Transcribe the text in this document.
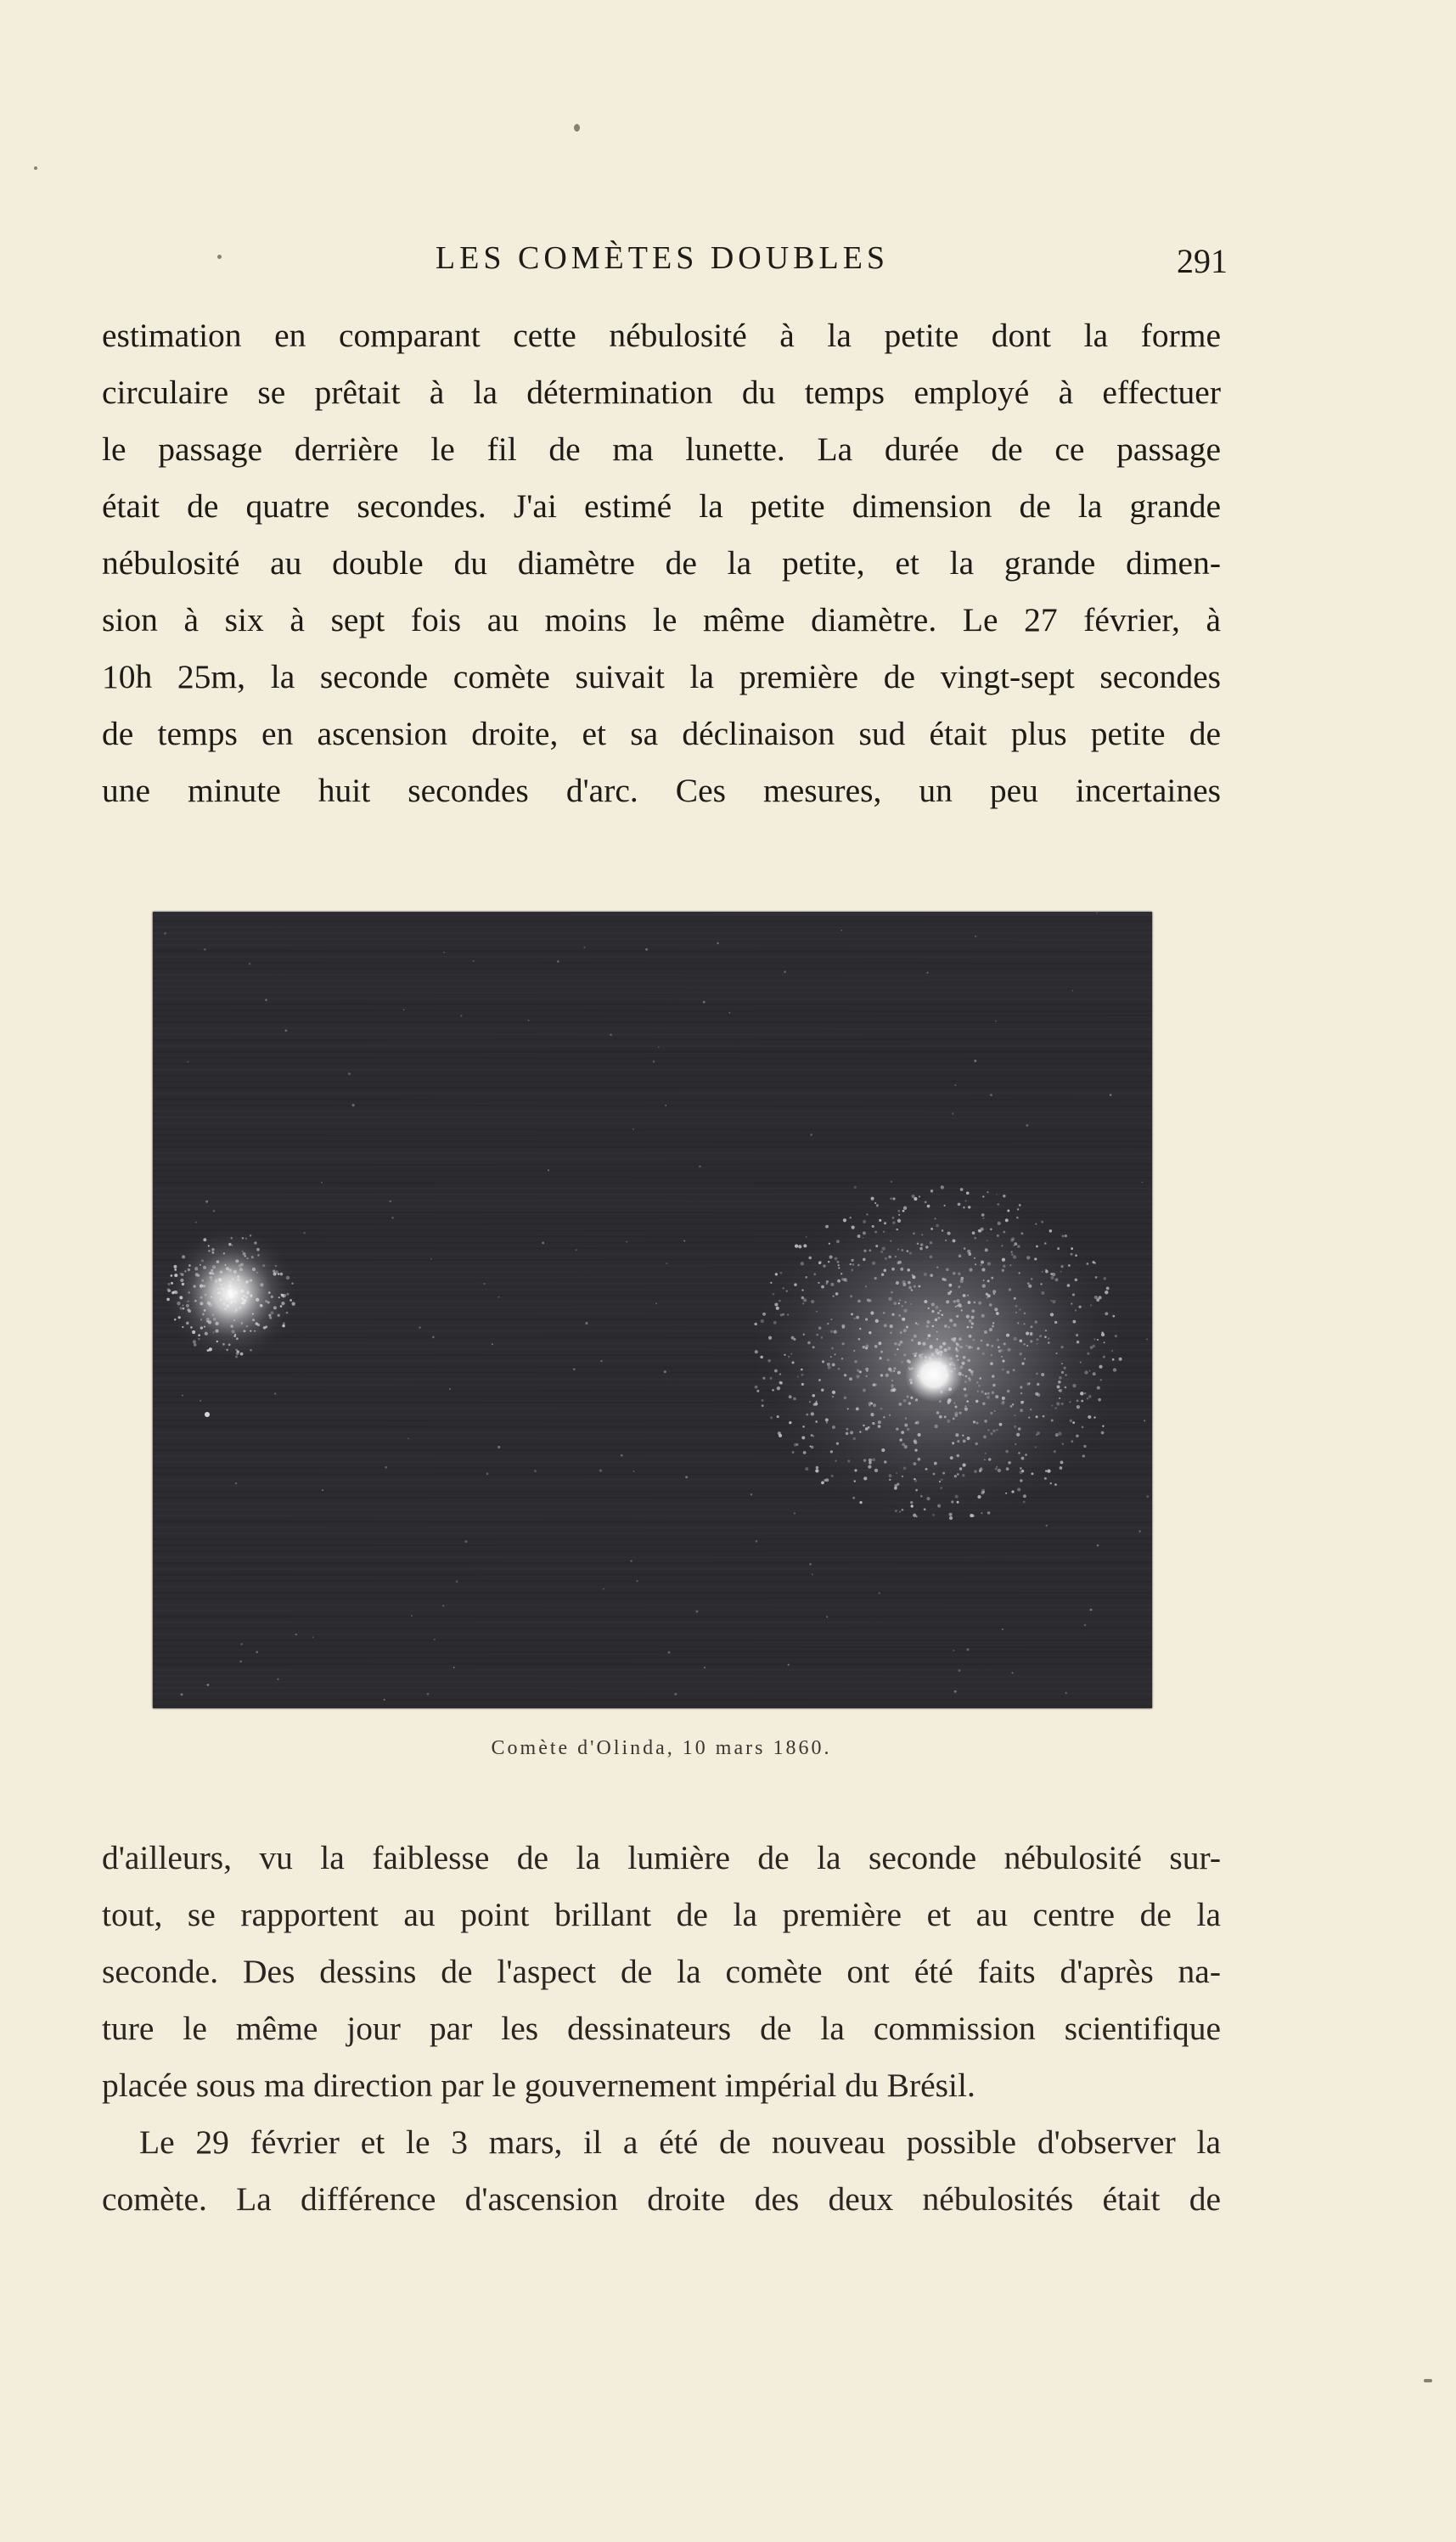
LES COMÈTES DOUBLES	291

estimation en comparant cette nébulosité à la petite dont la forme

circulaire se prêtait à la détermination du temps employé à effectuer

le passage derrière le fil de ma lunette. La durée de ce passage

était de quatre secondes. J'ai estimé la petite dimension de la grande

nébulosité au double du diamètre de la petite, et la grande dimen-

sion à six à sept fois au moins le même diamètre. Le 27 février, à

10h 25m, la seconde comète suivait la première de vingt-sept secondes

de temps en ascension droite, et sa déclinaison sud était plus petite de

une minute huit secondes d'arc. Ces mesures, un peu incertaines

Comète d'Olinda, 10 mars 1860.

d'ailleurs, vu la faiblesse de la lumière de la seconde nébulosité sur-

tout, se rapportent au point brillant de la première et au centre de la

seconde. Des dessins de l'aspect de la comète ont été faits d'après na-

ture le même jour par les dessinateurs de la commission scientifique

placée sous ma direction par le gouvernement impérial du Brésil.

Le 29 février et le 3 mars, il a été de nouveau possible d'observer la

comète. La différence d'ascension droite des deux nébulosités était de
